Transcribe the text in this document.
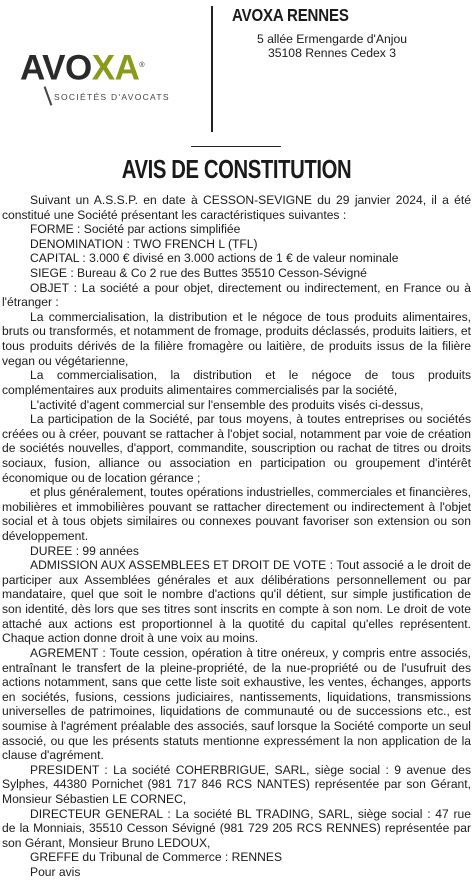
AVOXA®
SOCIÉTÉS D'AVOCATS
AVOXA RENNES
5 allée Ermengarde d'Anjou
35108 Rennes Cedex 3
AVIS DE CONSTITUTION

Suivant un A.S.S.P. en date à CESSON-SEVIGNE du 29 janvier 2024, il a été constitué une Société présentant les caractéristiques suivantes :

FORME : Société par actions simplifiée

DENOMINATION : TWO FRENCH L (TFL)

CAPITAL : 3.000 € divisé en 3.000 actions de 1 € de valeur nominale

SIEGE : Bureau & Co 2 rue des Buttes 35510 Cesson-Sévigné

OBJET : La société a pour objet, directement ou indirectement, en France ou à l'étranger :

La commercialisation, la distribution et le négoce de tous produits alimentaires, bruts ou transformés, et notamment de fromage, produits déclassés, produits laitiers, et tous produits dérivés de la filière fromagère ou laitière, de produits issus de la filière vegan ou végétarienne,

La commercialisation, la distribution et le négoce de tous produits complémentaires aux produits alimentaires commercialisés par la société,

L'activité d'agent commercial sur l'ensemble des produits visés ci-dessus,

La participation de la Société, par tous moyens, à toutes entreprises ou sociétés créées ou à créer, pouvant se rattacher à l'objet social, notamment par voie de création de sociétés nouvelles, d'apport, commandite, souscription ou rachat de titres ou droits sociaux, fusion, alliance ou association en participation ou groupement d'intérêt économique ou de location gérance ;

et plus généralement, toutes opérations industrielles, commerciales et financières, mobilières et immobilières pouvant se rattacher directement ou indirectement à l'objet social et à tous objets similaires ou connexes pouvant favoriser son extension ou son développement.

DUREE : 99 années

ADMISSION AUX ASSEMBLEES ET DROIT DE VOTE : Tout associé a le droit de participer aux Assemblées générales et aux délibérations personnellement ou par mandataire, quel que soit le nombre d'actions qu'il détient, sur simple justification de son identité, dès lors que ses titres sont inscrits en compte à son nom. Le droit de vote attaché aux actions est proportionnel à la quotité du capital qu'elles représentent. Chaque action donne droit à une voix au moins.

AGREMENT : Toute cession, opération à titre onéreux, y compris entre associés, entraînant le transfert de la pleine-propriété, de la nue-propriété ou de l'usufruit des actions notamment, sans que cette liste soit exhaustive, les ventes, échanges, apports en sociétés, fusions, cessions judiciaires, nantissements, liquidations, transmissions universelles de patrimoines, liquidations de communauté ou de successions etc., est soumise à l'agrément préalable des associés, sauf lorsque la Société comporte un seul associé, ou que les présents statuts mentionne expressément la non application de la clause d'agrément.

PRESIDENT : La société COHERBRIGUE, SARL, siège social : 9 avenue des Sylphes, 44380 Pornichet (981 717 846 RCS NANTES) représentée par son Gérant, Monsieur Sébastien LE CORNEC,

DIRECTEUR GENERAL : La société BL TRADING, SARL, siège social : 47 rue de la Monniais, 35510 Cesson Sévigné (981 729 205 RCS RENNES) représentée par son Gérant, Monsieur Bruno LEDOUX,

GREFFE du Tribunal de Commerce : RENNES

Pour avis
